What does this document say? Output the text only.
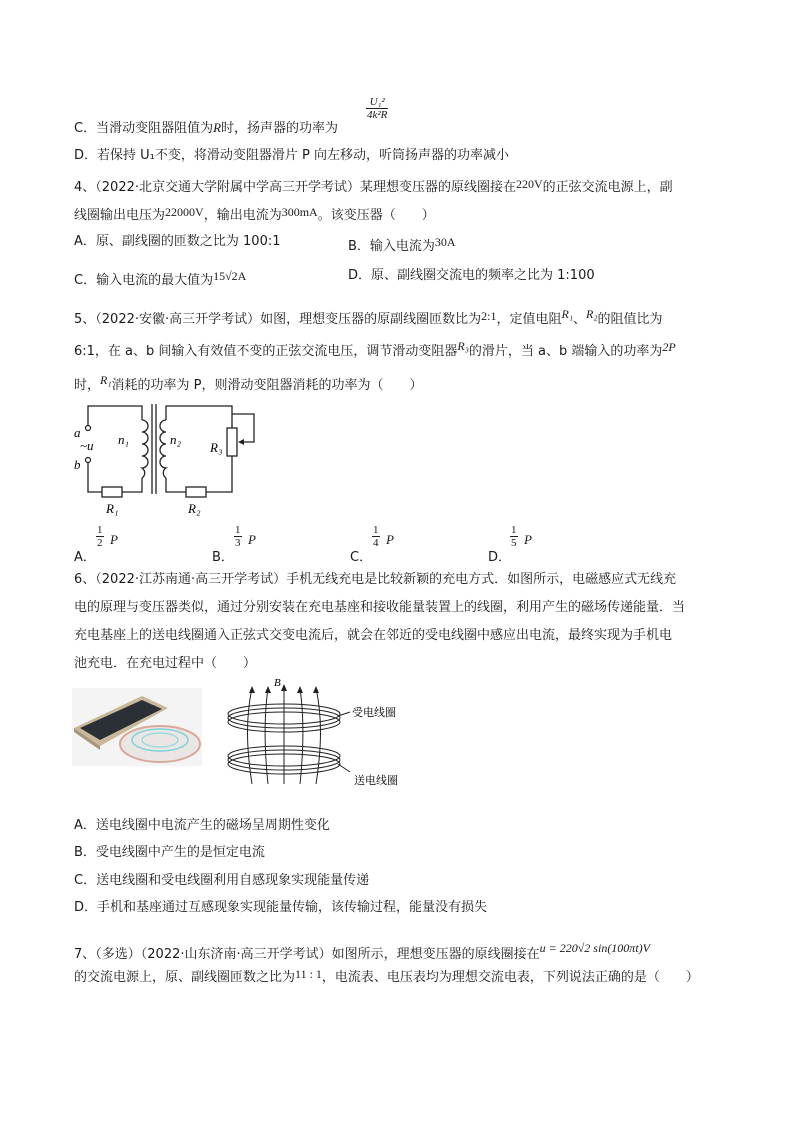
C．当滑动变阻器阻值为R时，扬声器的功率为
$\frac{\text{U₁²}}{\text{4k²R}}$
D．若保持 U₁不变，将滑动变阻器滑片 P 向左移动，听筒扬声器的功率减小
4、（2022·北京交通大学附属中学高三开学考试）某理想变压器的原线圈接在220V的正弦交流电源上，副
线圈输出电压为22000V，输出电流为300mA。该变压器（　　）
A．原、副线圈的匝数之比为 100:1	B．输入电流为30A
C．输入电流的最大值为15√2A	D．原、副线圈交流电的频率之比为 1:100
5、（2022·安徽·高三开学考试）如图，理想变压器的原副线圈匝数比为2:1，定值电阻R₁、R₂的阻值比为
6:1，在 a、b 间输入有效值不变的正弦交流电压，调节滑动变阻器R₃的滑片，当 a、b 端输入的功率为2P
时，R₁消耗的功率为 P，则滑动变阻器消耗的功率为（　　）
a
~u
b
n₁	n₂
R₃
R₁	R₂
A．
$\frac{1}{2}$ P
B．
$\frac{1}{3}$ P
C．
$\frac{1}{4}$ P
D．
$\frac{1}{5}$ P
6、（2022·江苏南通·高三开学考试）手机无线充电是比较新颖的充电方式．如图所示，电磁感应式无线充
电的原理与变压器类似，通过分别安装在充电基座和接收能量装置上的线圈，利用产生的磁场传递能量．当
充电基座上的送电线圈通入正弦式交变电流后，就会在邻近的受电线圈中感应出电流，最终实现为手机电
池充电．在充电过程中（　　）
B
受电线圈
送电线圈
A．送电线圈中电流产生的磁场呈周期性变化
B．受电线圈中产生的是恒定电流
C．送电线圈和受电线圈利用自感现象实现能量传递
D．手机和基座通过互感现象实现能量传输，该传输过程，能量没有损失
7、（多选）（2022·山东济南·高三开学考试）如图所示，理想变压器的原线圈接在u = 220√2 sin(100πt)V
的交流电源上，原、副线圈匝数之比为11 : 1，电流表、电压表均为理想交流电表，下列说法正确的是（　　）
